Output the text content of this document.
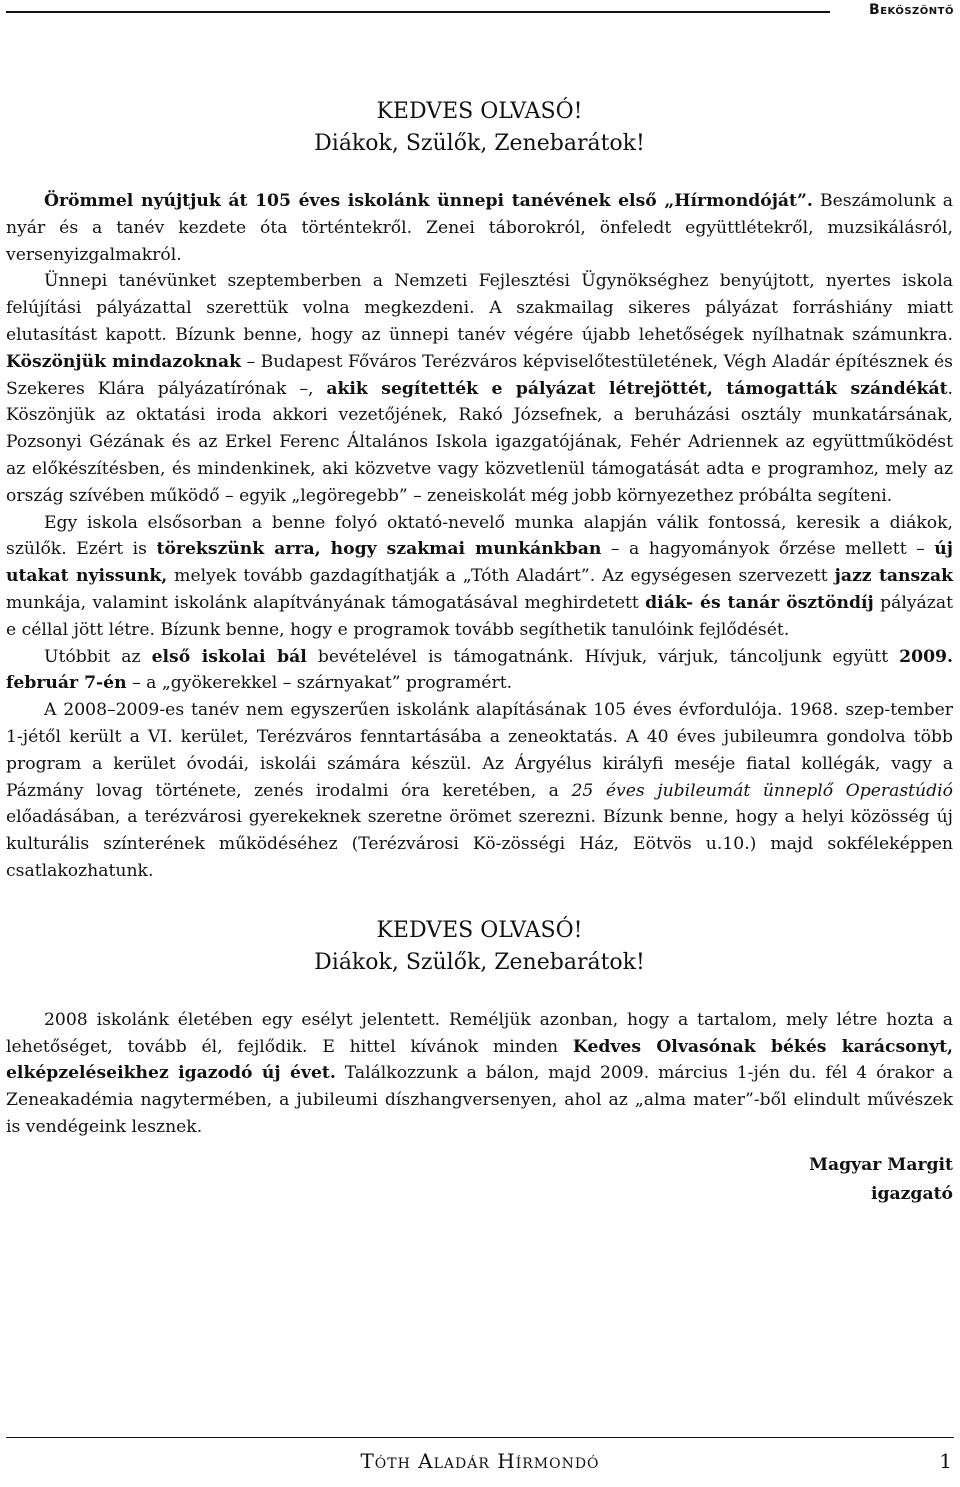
Beköszöntő
KEDVES OLVASÓ!
Diákok, Szülők, Zenebarátok!

Örömmel nyújtjuk át 105 éves iskolánk ünnepi tanévének első „Hírmondóját”. Beszámolunk a nyár és a tanév kezdete óta történtekről. Zenei táborokról, önfeledt együttlétekről, muzsikálásról, versenyizgalmakról.

Ünnepi tanévünket szeptemberben a Nemzeti Fejlesztési Ügynökséghez benyújtott, nyertes iskola felújítási pályázattal szerettük volna megkezdeni. A szakmailag sikeres pályázat forráshiány miatt elutasítást kapott. Bízunk benne, hogy az ünnepi tanév végére újabb lehetőségek nyílhatnak számunkra. Köszönjük mindazoknak – Budapest Főváros Terézváros képviselőtestületének, Végh Aladár építésznek és Szekeres Klára pályázatírónak –, akik segítették e pályázat létrejöttét, támogatták szándékát. Köszönjük az oktatási iroda akkori vezetőjének, Rakó Józsefnek, a beruházási osztály munkatársának, Pozsonyi Gézának és az Erkel Ferenc Általános Iskola igazgatójának, Fehér Adriennek az együttműködést az előkészítésben, és mindenkinek, aki közvetve vagy közvetlenül támogatását adta e programhoz, mely az ország szívében működő – egyik „legöregebb” – zeneiskolát még jobb környezethez próbálta segíteni.

Egy iskola elsősorban a benne folyó oktató-nevelő munka alapján válik fontossá, keresik a diákok, szülők. Ezért is törekszünk arra, hogy szakmai munkánkban – a hagyományok őrzése mellett – új utakat nyissunk, melyek tovább gazdagíthatják a „Tóth Aladárt”. Az egységesen szervezett jazz tanszak munkája, valamint iskolánk alapítványának támogatásával meghirdetett diák- és tanár ösztöndíj pályázat e céllal jött létre. Bízunk benne, hogy e programok tovább segíthetik tanulóink fejlődését.

Utóbbit az első iskolai bál bevételével is támogatnánk. Hívjuk, várjuk, táncoljunk együtt 2009. február 7-én – a „gyökerekkel – szárnyakat” programért.

A 2008–2009-es tanév nem egyszerűen iskolánk alapításának 105 éves évfordulója. 1968. szep-tember 1-jétől került a VI. kerület, Terézváros fenntartásába a zeneoktatás. A 40 éves jubileumra gondolva több program a kerület óvodái, iskolái számára készül. Az Árgyélus királyfi meséje fiatal kollégák, vagy a Pázmány lovag története, zenés irodalmi óra keretében, a 25 éves jubileumát ünneplő Operastúdió előadásában, a terézvárosi gyerekeknek szeretne örömet szerezni. Bízunk benne, hogy a helyi közösség új kulturális színterének működéséhez (Terézvárosi Kö-zösségi Ház, Eötvös u.10.) majd sokféleképpen csatlakozhatunk.

KEDVES OLVASÓ!
Diákok, Szülők, Zenebarátok!

2008 iskolánk életében egy esélyt jelentett. Reméljük azonban, hogy a tartalom, mely létre hozta a lehetőséget, tovább él, fejlődik. E hittel kívánok minden Kedves Olvasónak békés karácsonyt, elképzeléseikhez igazodó új évet. Találkozzunk a bálon, majd 2009. március 1-jén du. fél 4 órakor a Zeneakadémia nagytermében, a jubileumi díszhangversenyen, ahol az „alma mater”-ből elindult művészek is vendégeink lesznek.

Magyar Margit
igazgató
Tóth Aladár Hírmondó	1
